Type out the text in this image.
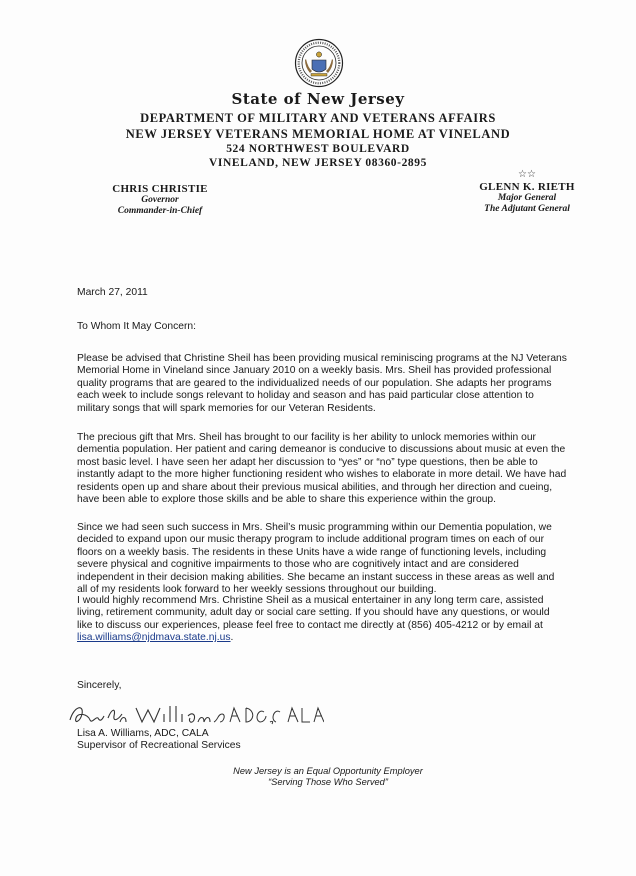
State of New Jersey
DEPARTMENT OF MILITARY AND VETERANS AFFAIRS
NEW JERSEY VETERANS MEMORIAL HOME AT VINELAND
524 NORTHWEST BOULEVARD
VINELAND, NEW JERSEY 08360-2895
CHRIS CHRISTIE
Governor
Commander-in-Chief
☆☆
GLENN K. RIETH
Major General
The Adjutant General
March 27, 2011
To Whom It May Concern:
Please be advised that Christine Sheil has been providing musical reminiscing programs at the NJ Veterans Memorial Home in Vineland since January 2010 on a weekly basis. Mrs. Sheil has provided professional quality programs that are geared to the individualized needs of our population. She adapts her programs each week to include songs relevant to holiday and season and has paid particular close attention to military songs that will spark memories for our Veteran Residents.
The precious gift that Mrs. Sheil has brought to our facility is her ability to unlock memories within our dementia population. Her patient and caring demeanor is conducive to discussions about music at even the most basic level. I have seen her adapt her discussion to “yes” or “no” type questions, then be able to instantly adapt to the more higher functioning resident who wishes to elaborate in more detail. We have had residents open up and share about their previous musical abilities, and through her direction and cueing, have been able to explore those skills and be able to share this experience within the group.
Since we had seen such success in Mrs. Sheil’s music programming within our Dementia population, we decided to expand upon our music therapy program to include additional program times on each of our floors on a weekly basis. The residents in these Units have a wide range of functioning levels, including severe physical and cognitive impairments to those who are cognitively intact and are considered independent in their decision making abilities. She became an instant success in these areas as well and all of my residents look forward to her weekly sessions throughout our building.
I would highly recommend Mrs. Christine Sheil as a musical entertainer in any long term care, assisted living, retirement community, adult day or social care setting. If you should have any questions, or would like to discuss our experiences, please feel free to contact me directly at (856) 405-4212 or by email at lisa.williams@njdmava.state.nj.us.
Sincerely,
Lisa A. Williams, ADC, CALA
Supervisor of Recreational Services
New Jersey is an Equal Opportunity Employer
“Serving Those Who Served”
